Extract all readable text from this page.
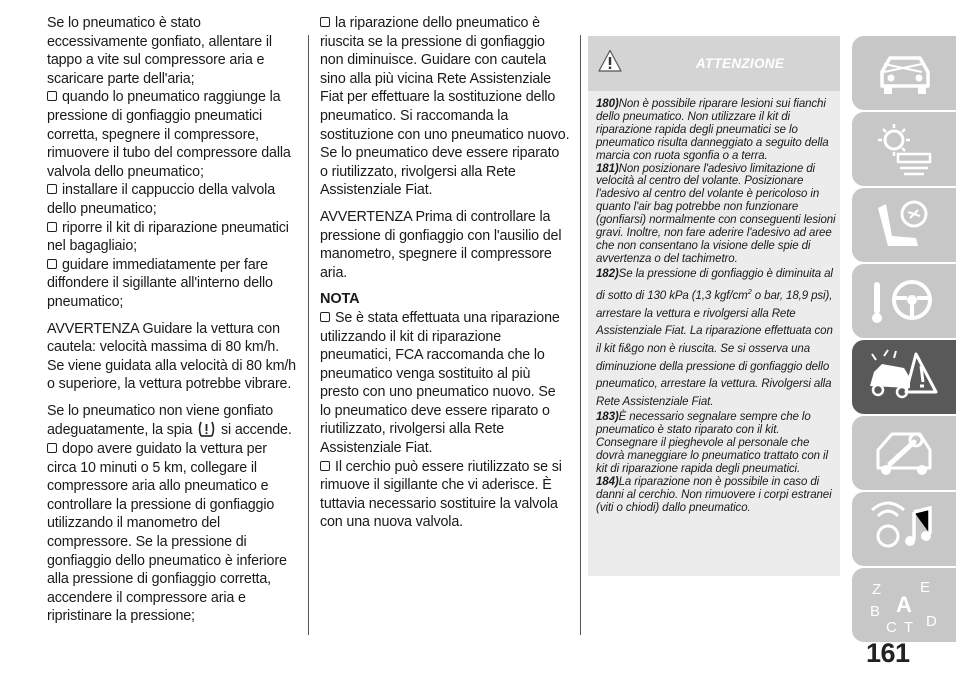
Se lo pneumatico è stato
eccessivamente gonfiato, allentare il
tappo a vite sul compressore aria e
scaricare parte dell'aria;
quando lo pneumatico raggiunge la pressione di gonfiaggio pneumatici corretta, spegnere il compressore, rimuovere il tubo del compressore dalla valvola dello pneumatico;
installare il cappuccio della valvola dello pneumatico;
riporre il kit di riparazione pneumatici nel bagagliaio;
guidare immediatamente per fare diffondere il sigillante all'interno dello pneumatico;

AVVERTENZA Guidare la vettura con cautela: velocità massima di 80 km/h. Se viene guidata alla velocità di 80 km/h o superiore, la vettura potrebbe vibrare.

Se lo pneumatico non viene gonfiato adeguatamente, la spia si accende.
dopo avere guidato la vettura per circa 10 minuti o 5 km, collegare il compressore aria allo pneumatico e controllare la pressione di gonfiaggio utilizzando il manometro del compressore. Se la pressione di gonfiaggio dello pneumatico è inferiore alla pressione di gonfiaggio corretta, accendere il compressore aria e ripristinare la pressione;

la riparazione dello pneumatico è riuscita se la pressione di gonfiaggio non diminuisce. Guidare con cautela sino alla più vicina Rete Assistenziale Fiat per effettuare la sostituzione dello pneumatico. Si raccomanda la sostituzione con uno pneumatico nuovo. Se lo pneumatico deve essere riparato o riutilizzato, rivolgersi alla Rete Assistenziale Fiat.

AVVERTENZA Prima di controllare la pressione di gonfiaggio con l'ausilio del manometro, spegnere il compressore aria.

NOTA
Se è stata effettuata una riparazione utilizzando il kit di riparazione pneumatici, FCA raccomanda che lo pneumatico venga sostituito al più presto con uno pneumatico nuovo. Se lo pneumatico deve essere riparato o riutilizzato, rivolgersi alla Rete Assistenziale Fiat.
Il cerchio può essere riutilizzato se si rimuove il sigillante che vi aderisce. È tuttavia necessario sostituire la valvola con una nuova valvola.

ATTENZIONE
180)Non è possibile riparare lesioni sui fianchi dello pneumatico. Non utilizzare il kit di riparazione rapida degli pneumatici se lo pneumatico risulta danneggiato a seguito della marcia con ruota sgonfia o a terra.
181)Non posizionare l'adesivo limitazione di velocità al centro del volante. Posizionare l'adesivo al centro del volante è pericoloso in quanto l'air bag potrebbe non funzionare (gonfiarsi) normalmente con conseguenti lesioni gravi. Inoltre, non fare aderire l'adesivo ad aree che non consentano la visione delle spie di avvertenza o del tachimetro.
182)Se la pressione di gonfiaggio è diminuita al di sotto di 130 kPa (1,3 kgf/$cm^2$ o bar, 18,9 psi), arrestare la vettura e rivolgersi alla Rete Assistenziale Fiat. La riparazione effettuata con il kit fi&go non è riuscita. Se si osserva una diminuzione della pressione di gonfiaggio dello pneumatico, arrestare la vettura. Rivolgersi alla Rete Assistenziale Fiat.
183)È necessario segnalare sempre che lo pneumatico è stato riparato con il kit. Consegnare il pieghevole al personale che dovrà maneggiare lo pneumatico trattato con il kit di riparazione rapida degli pneumatici.
184)La riparazione non è possibile in caso di danni al cerchio. Non rimuovere i corpi estranei (viti o chiodi) dallo pneumatico.
Z	E
B A
C T D
161
